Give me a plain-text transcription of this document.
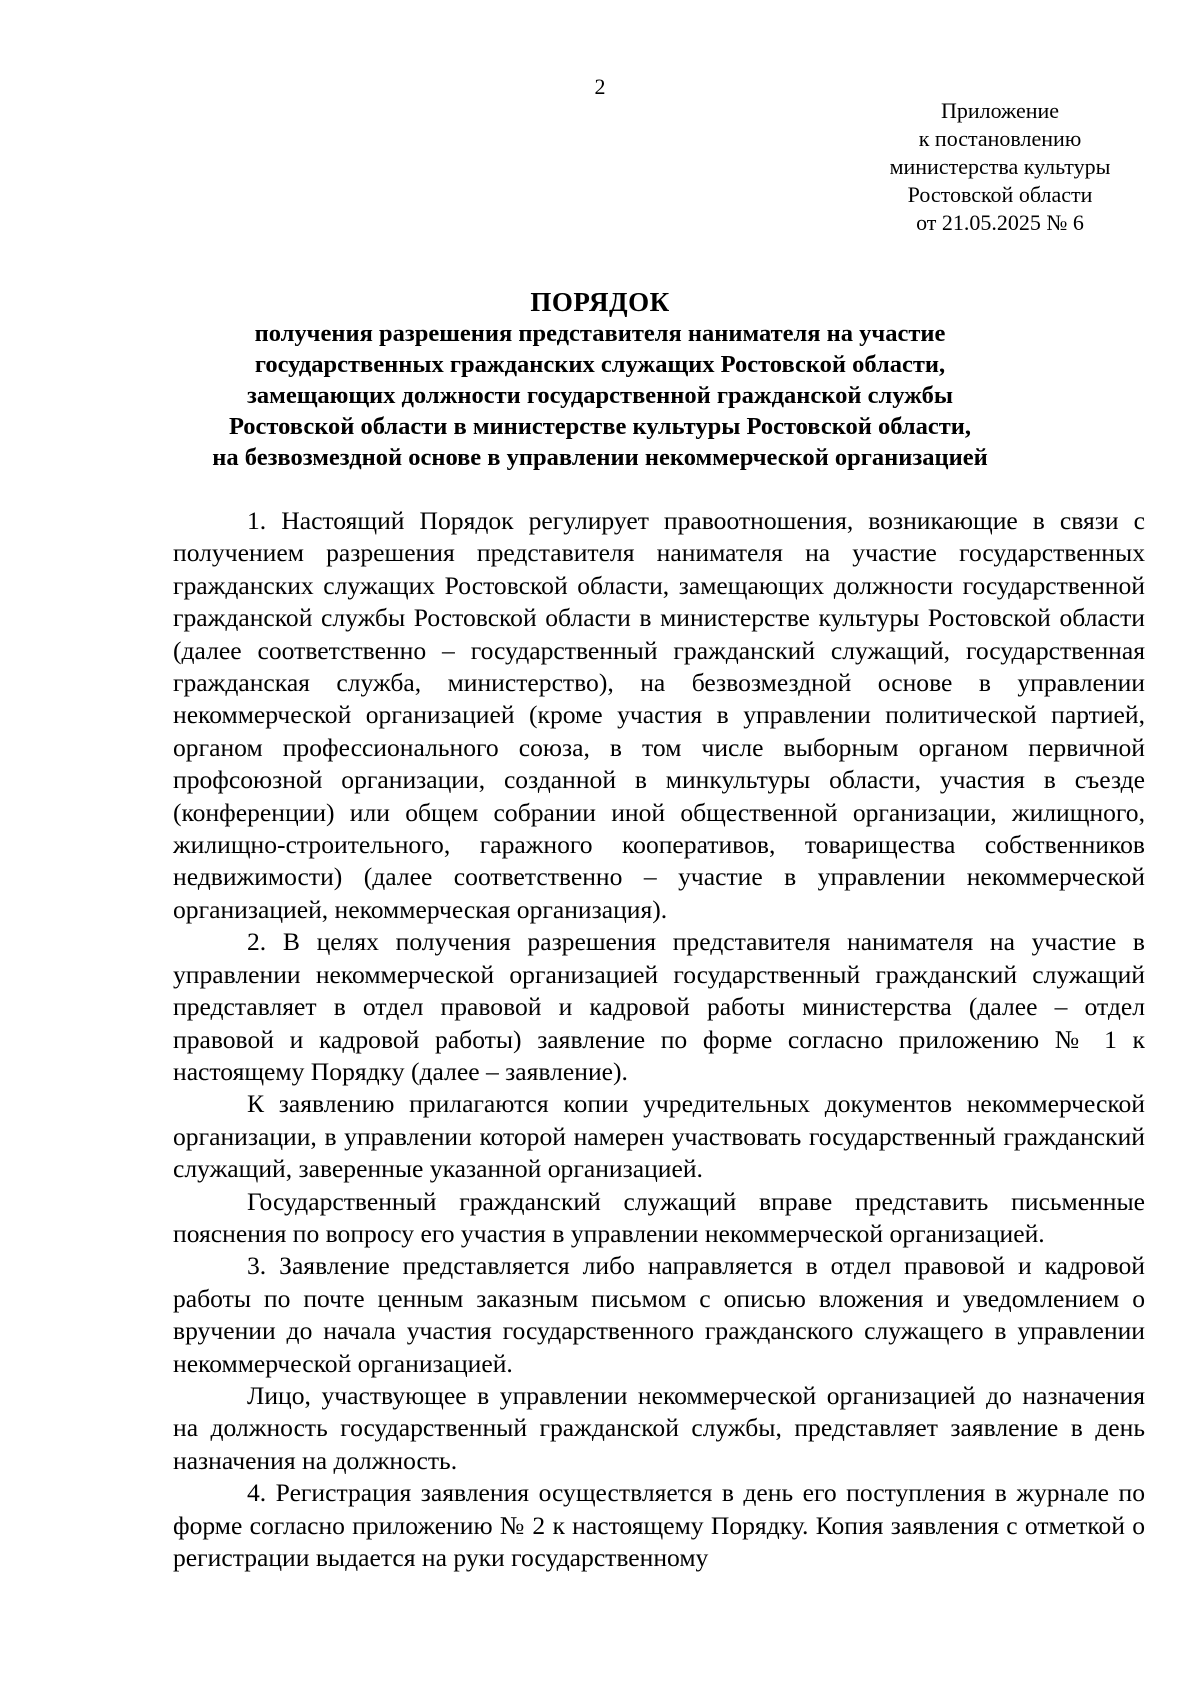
2
Приложение
к постановлению
министерства культуры
Ростовской области
от 21.05.2025 № 6
ПОРЯДОК
получения разрешения представителя нанимателя на участие
государственных гражданских служащих Ростовской области,
замещающих должности государственной гражданской службы
Ростовской области в министерстве культуры Ростовской области,
на безвозмездной основе в управлении некоммерческой организацией

1. Настоящий Порядок регулирует правоотношения, возникающие в связи с получением разрешения представителя нанимателя на участие государственных гражданских служащих Ростовской области, замещающих должности государственной гражданской службы Ростовской области в министерстве культуры Ростовской области (далее соответственно – государственный гражданский служащий, государственная гражданская служба, министерство), на безвозмездной основе в управлении некоммерческой организацией (кроме участия в управлении политической партией, органом профессионального союза, в том числе выборным органом первичной профсоюзной организации, созданной в минкультуры области, участия в съезде (конференции) или общем собрании иной общественной организации, жилищного, жилищно-строительного, гаражного кооперативов, товарищества собственников недвижимости) (далее соответственно – участие в управлении некоммерческой организацией, некоммерческая организация).

2. В целях получения разрешения представителя нанимателя на участие в управлении некоммерческой организацией государственный гражданский служащий представляет в отдел правовой и кадровой работы министерства (далее – отдел правовой и кадровой работы) заявление по форме согласно приложению № 1 к настоящему Порядку (далее – заявление).

К заявлению прилагаются копии учредительных документов некоммерческой организации, в управлении которой намерен участвовать государственный гражданский служащий, заверенные указанной организацией.

Государственный гражданский служащий вправе представить письменные пояснения по вопросу его участия в управлении некоммерческой организацией.

3. Заявление представляется либо направляется в отдел правовой и кадровой работы по почте ценным заказным письмом с описью вложения и уведомлением о вручении до начала участия государственного гражданского служащего в управлении некоммерческой организацией.

Лицо, участвующее в управлении некоммерческой организацией до назначения на должность государственный гражданской службы, представляет заявление в день назначения на должность.

4. Регистрация заявления осуществляется в день его поступления в журнале по форме согласно приложению № 2 к настоящему Порядку. Копия заявления с отметкой о регистрации выдается на руки государственному
